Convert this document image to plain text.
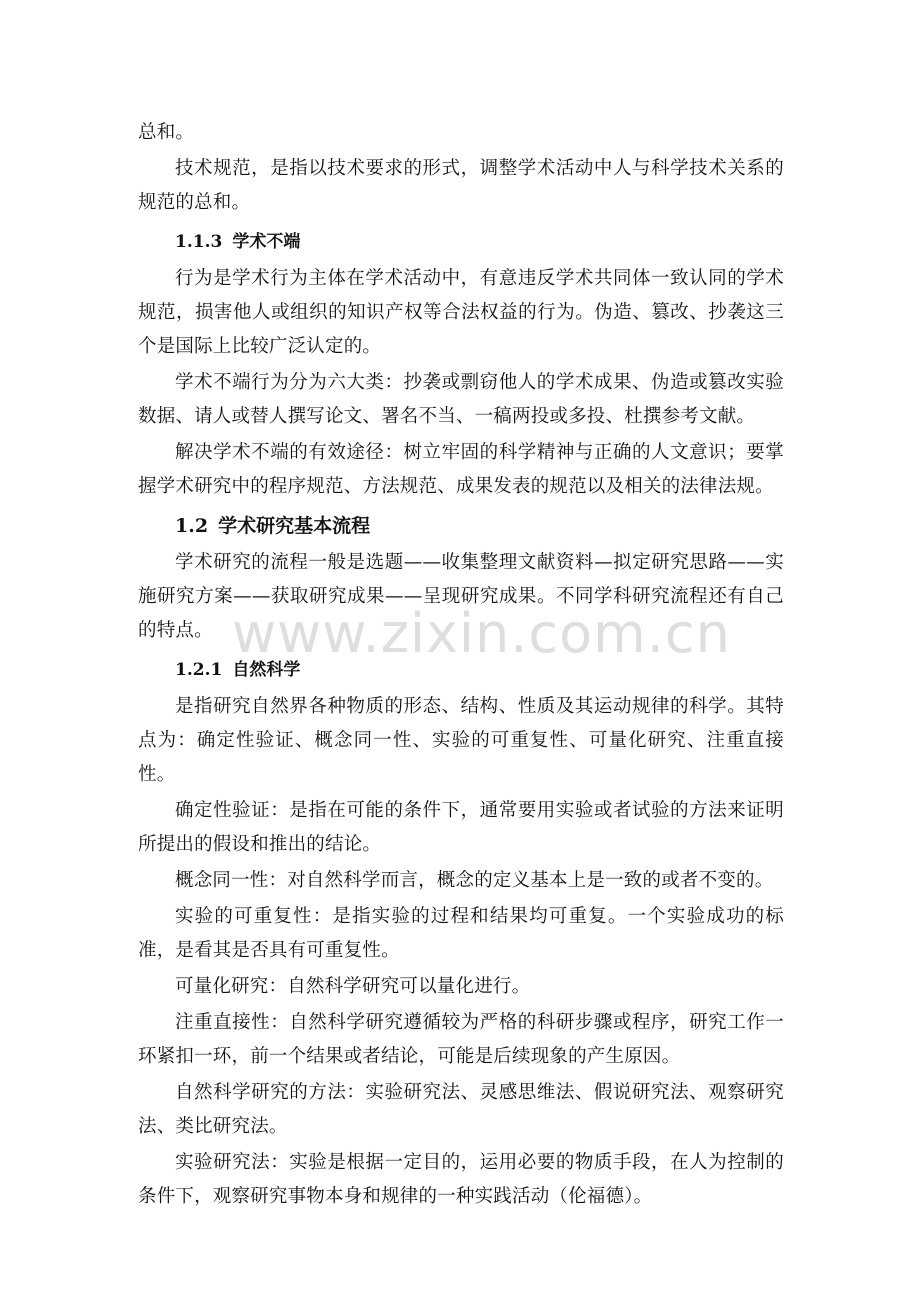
总和。

技术规范，是指以技术要求的形式，调整学术活动中人与科学技术关系的规范的总和。

1.1.3 学术不端

行为是学术行为主体在学术活动中，有意违反学术共同体一致认同的学术规范，损害他人或组织的知识产权等合法权益的行为。伪造、篡改、抄袭这三个是国际上比较广泛认定的。

学术不端行为分为六大类：抄袭或剽窃他人的学术成果、伪造或篡改实验数据、请人或替人撰写论文、署名不当、一稿两投或多投、杜撰参考文献。

解决学术不端的有效途径：树立牢固的科学精神与正确的人文意识；要掌握学术研究中的程序规范、方法规范、成果发表的规范以及相关的法律法规。

1.2 学术研究基本流程

学术研究的流程一般是选题——收集整理文献资料—拟定研究思路——实施研究方案——获取研究成果——呈现研究成果。不同学科研究流程还有自己的特点。

1.2.1 自然科学

是指研究自然界各种物质的形态、结构、性质及其运动规律的科学。其特点为：确定性验证、概念同一性、实验的可重复性、可量化研究、注重直接性。

确定性验证：是指在可能的条件下，通常要用实验或者试验的方法来证明所提出的假设和推出的结论。

概念同一性：对自然科学而言，概念的定义基本上是一致的或者不变的。

实验的可重复性：是指实验的过程和结果均可重复。一个实验成功的标准，是看其是否具有可重复性。

可量化研究：自然科学研究可以量化进行。

注重直接性：自然科学研究遵循较为严格的科研步骤或程序，研究工作一环紧扣一环，前一个结果或者结论，可能是后续现象的产生原因。

自然科学研究的方法：实验研究法、灵感思维法、假说研究法、观察研究法、类比研究法。

实验研究法：实验是根据一定目的，运用必要的物质手段，在人为控制的条件下，观察研究事物本身和规律的一种实践活动（伦福德）。

www.zixin.com.cn
